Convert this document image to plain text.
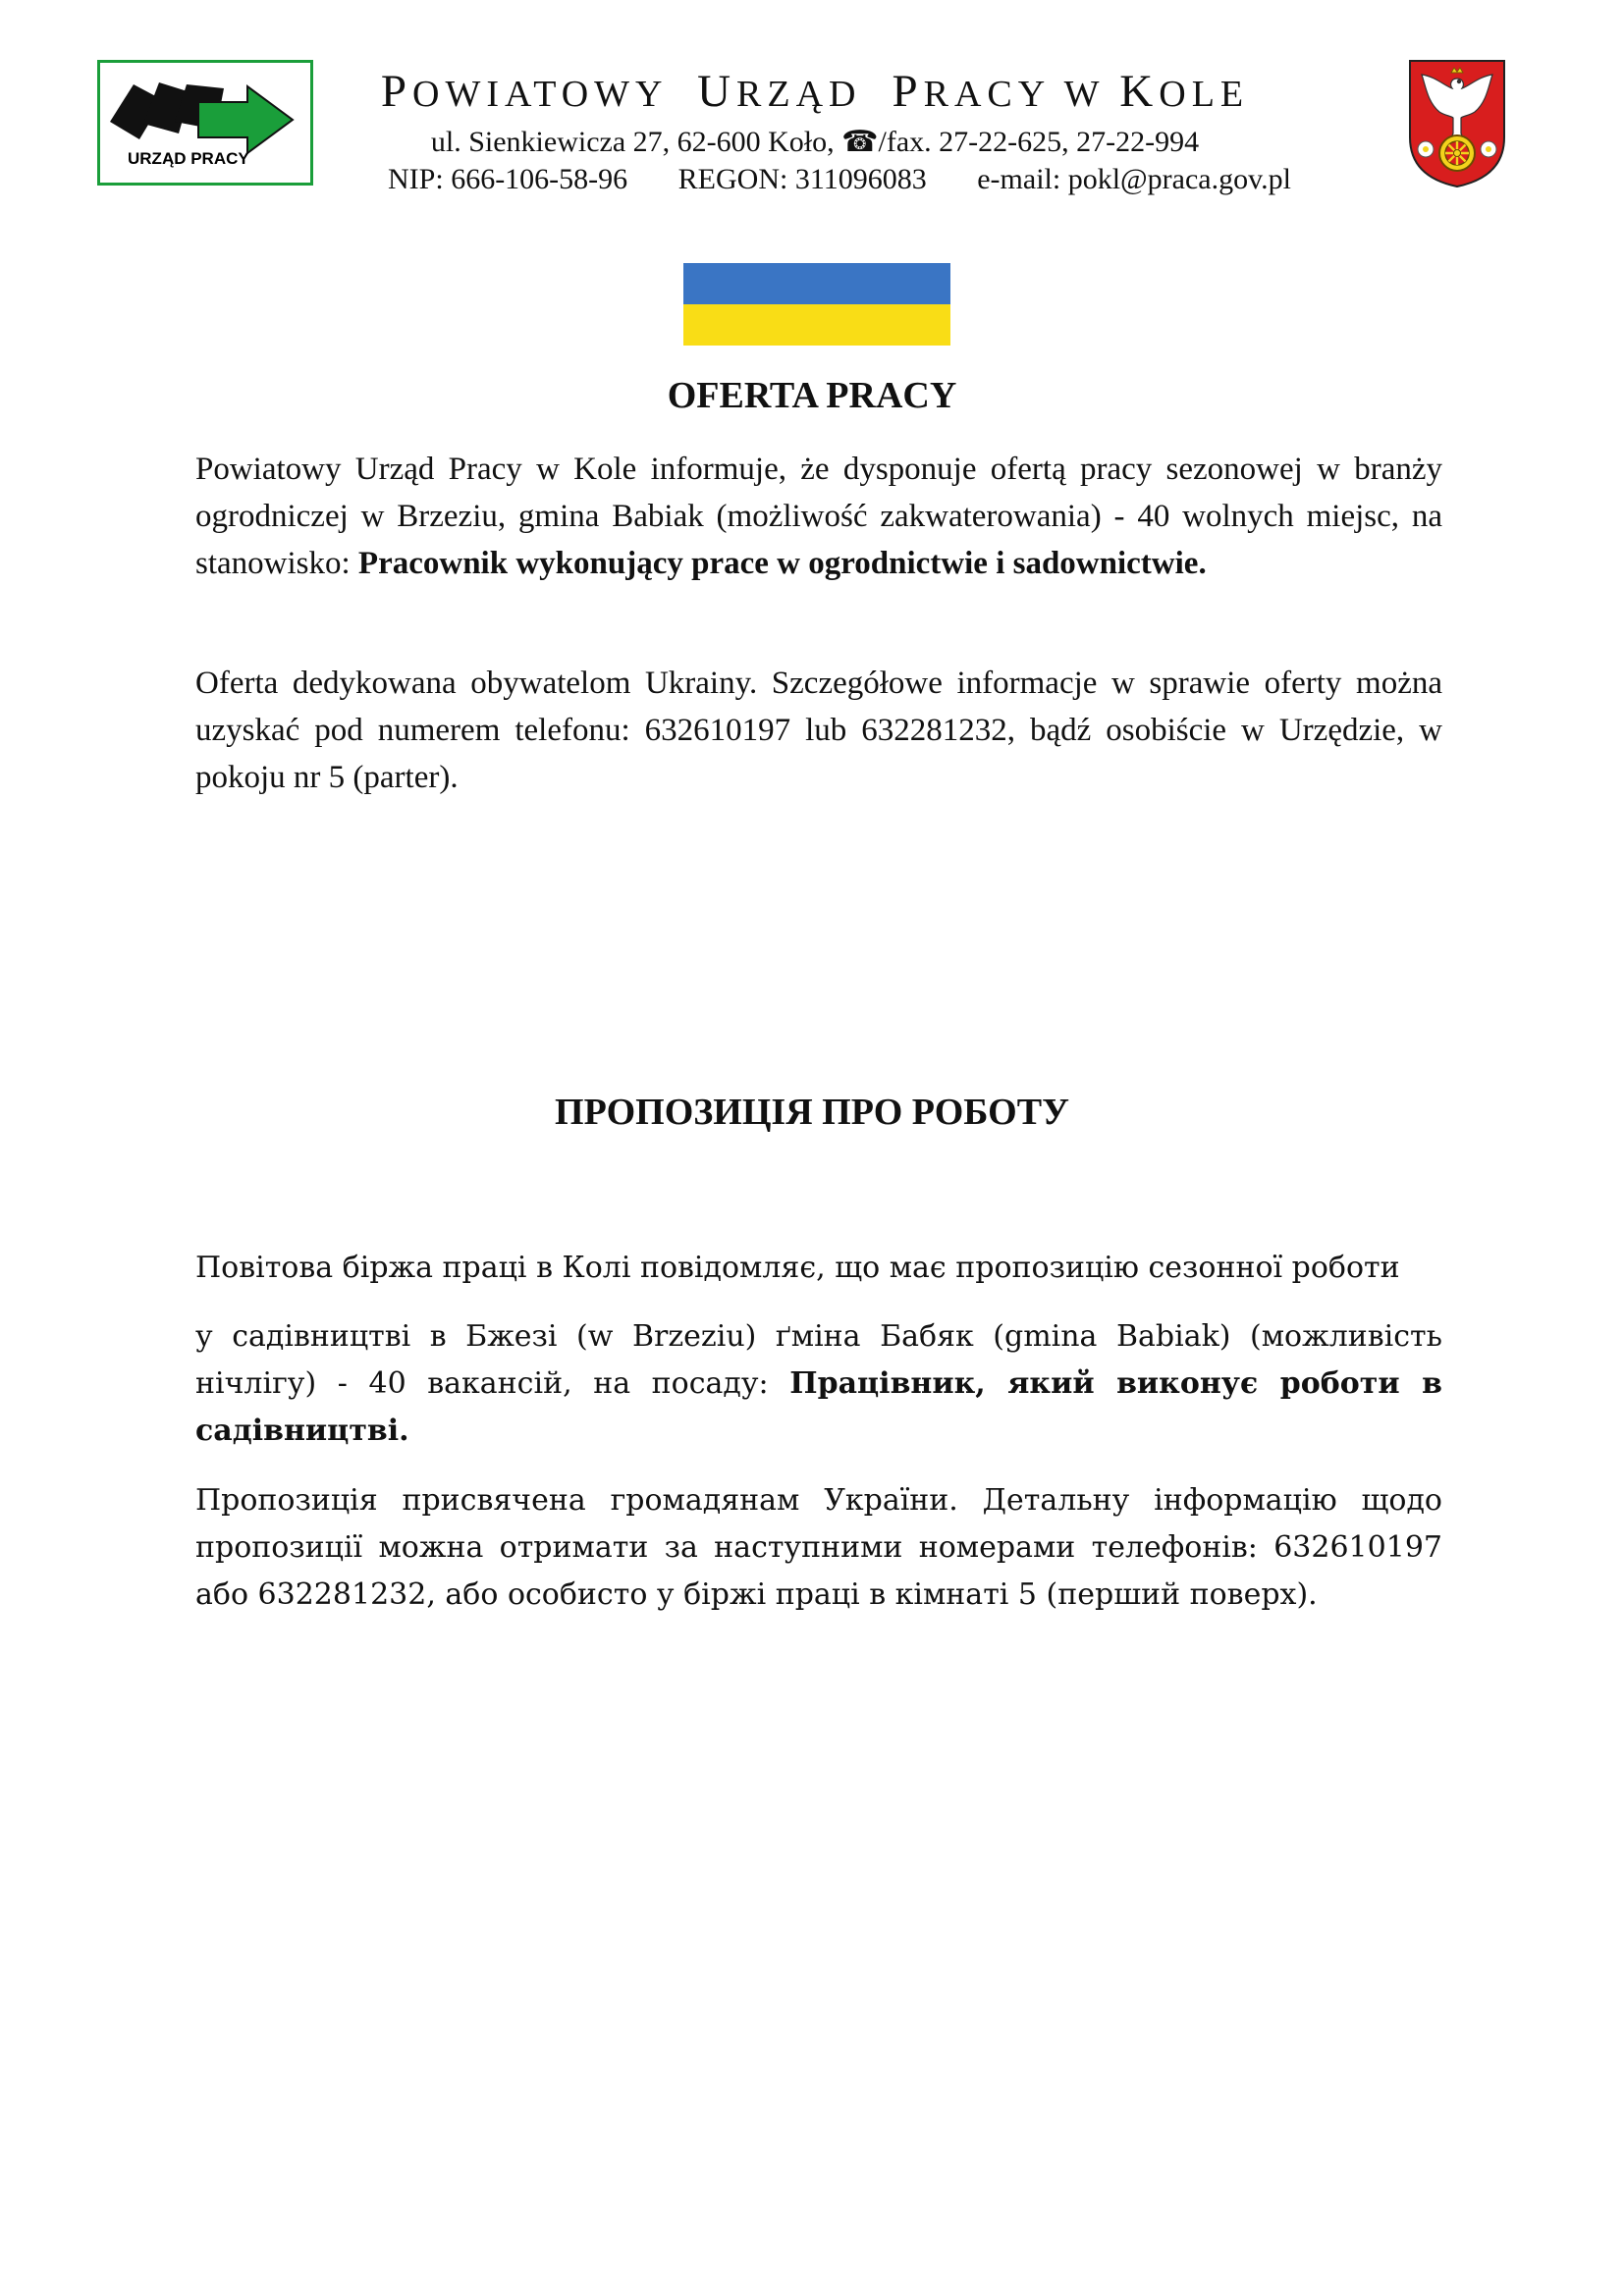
URZĄD PRACY
POWIATOWY URZĄD PRACY W KOLE
ul. Sienkiewicza 27, 62-600 Koło, ☎/fax. 27-22-625, 27-22-994
NIP: 666-106-58-96 REGON: 311096083 e-mail: pokl@praca.gov.pl
OFERTA PRACY

Powiatowy Urząd Pracy w Kole informuje, że dysponuje ofertą pracy sezonowej w branży ogrodniczej w Brzeziu, gmina Babiak (możliwość zakwaterowania) - 40 wolnych miejsc, na stanowisko: Pracownik wykonujący prace w ogrodnictwie i sadownictwie.

Oferta dedykowana obywatelom Ukrainy. Szczegółowe informacje w sprawie oferty można uzyskać pod numerem telefonu: 632610197 lub 632281232, bądź osobiście w Urzędzie, w pokoju nr 5 (parter).

ПРОПОЗИЦІЯ ПРО РОБОТУ

Повітова біржа праці в Колі повідомляє, що має пропозицію сезонної роботи

у садівництві в Бжезі (w Brzeziu) ґміна Бабяк (gmina Babiak) (можливість нічлігу) - 40 вакансій, на посаду: Працівник, який виконує роботи в садівництві.

Пропозиція присвячена громадянам України. Детальну інформацію щодо пропозиції можна отримати за наступними номерами телефонів: 632610197 або 632281232, або особисто у біржі праці в кімнаті 5 (перший поверх).
